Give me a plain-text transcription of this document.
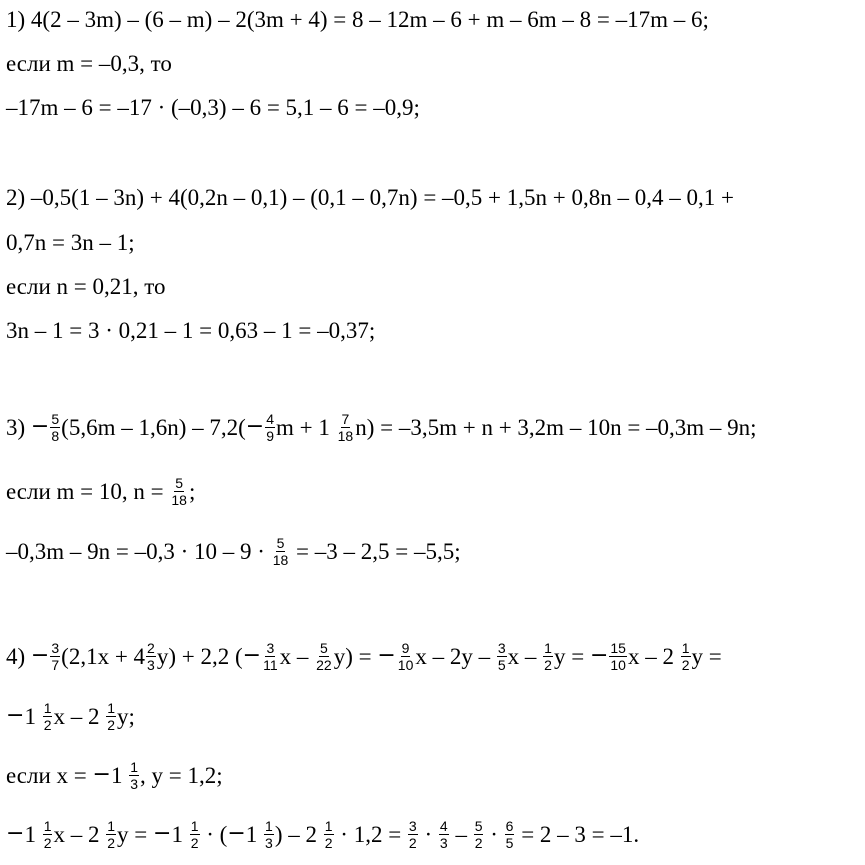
1) 4(2 – 3m) – (6 – m) – 2(3m + 4) = 8 – 12m – 6 + m – 6m – 8 = –17m – 6;
если m = –0,3, то
–17m – 6 = –17 · (–0,3) – 6 = 5,1 – 6 = –0,9;
2) –0,5(1 – 3n) + 4(0,2n – 0,1) – (0,1 – 0,7n) = –0,5 + 1,5n + 0,8n – 0,4 – 0,1 +
0,7n = 3n – 1;
если n = 0,21, то
3n – 1 = 3 · 0,21 – 1 = 0,63 – 1 = –0,37;
$3) - \frac{5}{8} (5,6m - 1,6n) - 7,2( - \frac{4}{9}$ $m + 1 \frac{7}{18} n) = -3,5m + n + 3,2m - 10n = -0,3m - 9n$;
если m = 10, $n = \frac{5}{18}$ ;
$-0,3m - 9n = -0,3 \cdot 10 - 9 \cdot \frac{5}{18} = -3 - 2,5 = -5,5$;
$4) - \frac{3}{7} (2,1x + 4 \frac{2}{3} y) + 2,2$ ( − $\frac{3}{11}$ x – $\frac{5}{22} y$) = − $\frac{9}{10}$ x – $2y - \frac{3}{5}$ x – $\frac{1}{2}$ y = − $\frac{15}{10}$ x – $2 \frac{1}{2}$ y =
− $1 \frac{1}{2}$ x – $2 \frac{1}{2} y$;
если x = − $1 \frac{1}{3}$ , y = 1,2;
− $1 \frac{1}{2}$ x – $2 \frac{1}{2}$ y = − $1 \frac{1}{2}$ · ( − $1 \frac{1}{3}$ ) – $2 \frac{1}{2} \cdot 1,2 = \frac{3}{2} \cdot \frac{4}{3} - \frac{5}{2} \cdot \frac{6}{5} = 2 - 3 = -1$.
